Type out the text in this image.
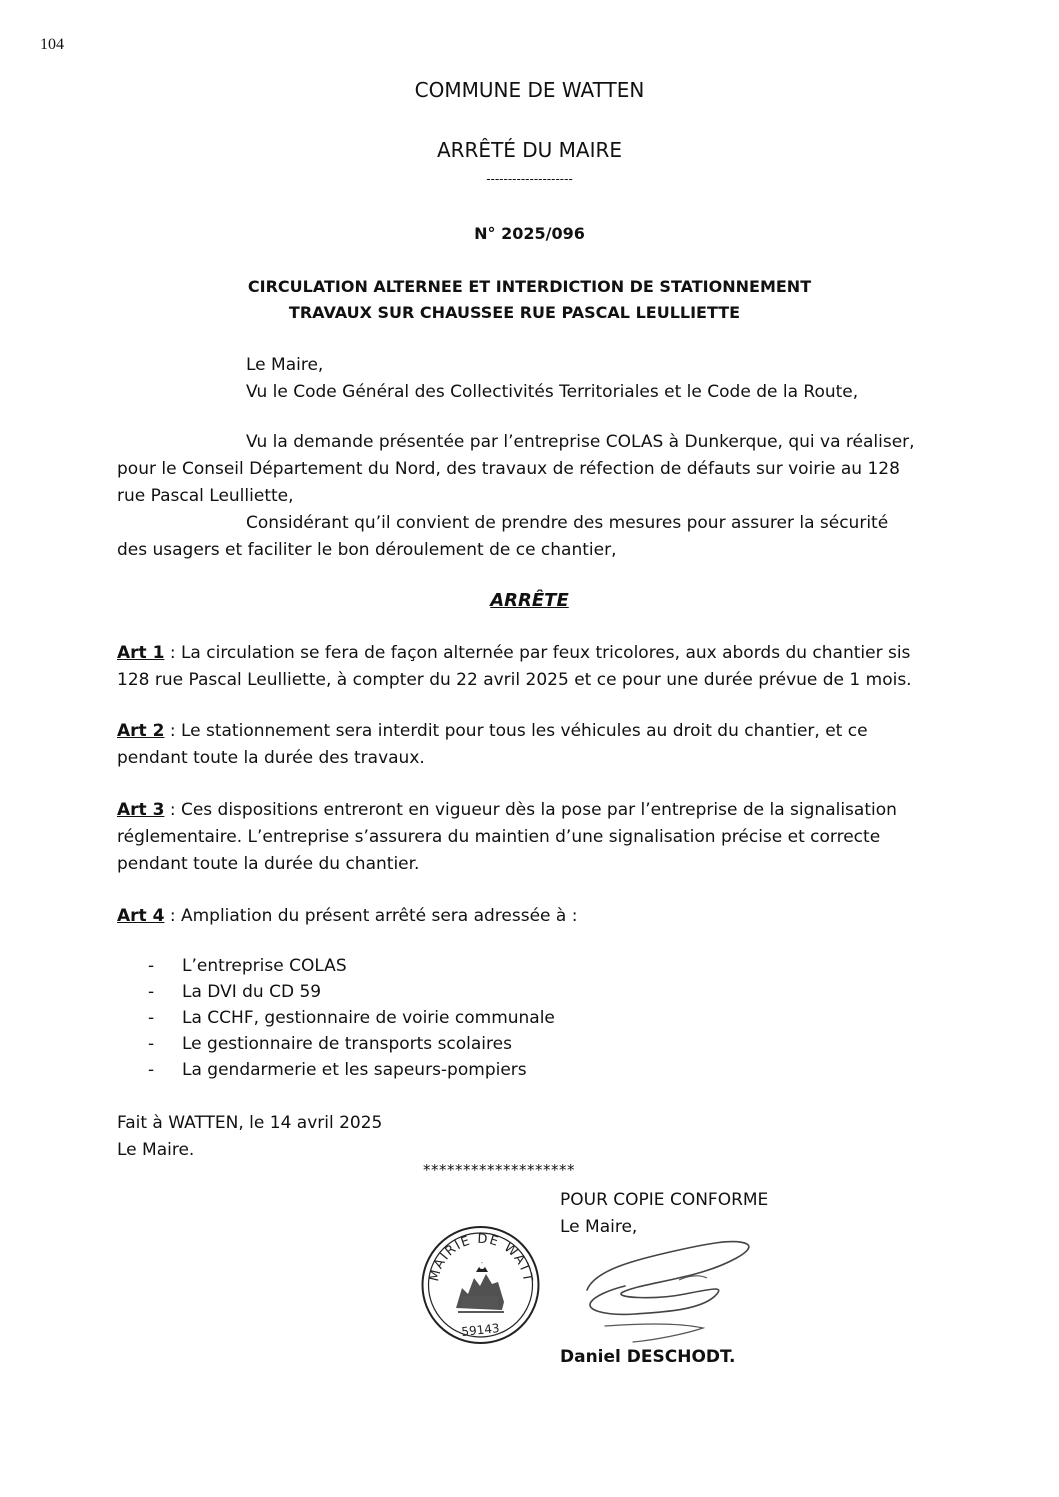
104
COMMUNE DE WATTEN
ARRÊTÉ DU MAIRE
--------------------
N° 2025/096
CIRCULATION ALTERNEE ET INTERDICTION DE STATIONNEMENT
TRAVAUX SUR CHAUSSEE RUE PASCAL LEULLIETTE
Le Maire,
Vu le Code Général des Collectivités Territoriales et le Code de la Route,
Vu la demande présentée par l’entreprise COLAS à Dunkerque, qui va réaliser,
pour le Conseil Département du Nord, des travaux de réfection de défauts sur voirie au 128
rue Pascal Leulliette,
Considérant qu’il convient de prendre des mesures pour assurer la sécurité
des usagers et faciliter le bon déroulement de ce chantier,
ARRÊTE
Art 1 : La circulation se fera de façon alternée par feux tricolores, aux abords du chantier sis
128 rue Pascal Leulliette, à compter du 22 avril 2025 et ce pour une durée prévue de 1 mois.
Art 2 : Le stationnement sera interdit pour tous les véhicules au droit du chantier, et ce
pendant toute la durée des travaux.
Art 3 : Ces dispositions entreront en vigueur dès la pose par l’entreprise de la signalisation
réglementaire. L’entreprise s’assurera du maintien d’une signalisation précise et correcte
pendant toute la durée du chantier.
Art 4 : Ampliation du présent arrêté sera adressée à :
- L’entreprise COLAS
- La DVI du CD 59
- La CCHF, gestionnaire de voirie communale
- Le gestionnaire de transports scolaires
- La gendarmerie et les sapeurs-pompiers
Fait à WATTEN, le 14 avril 2025
Le Maire.
*******************
POUR COPIE CONFORME
Le Maire,
MAIRIE DE WATT
59143
Daniel DESCHODT.
